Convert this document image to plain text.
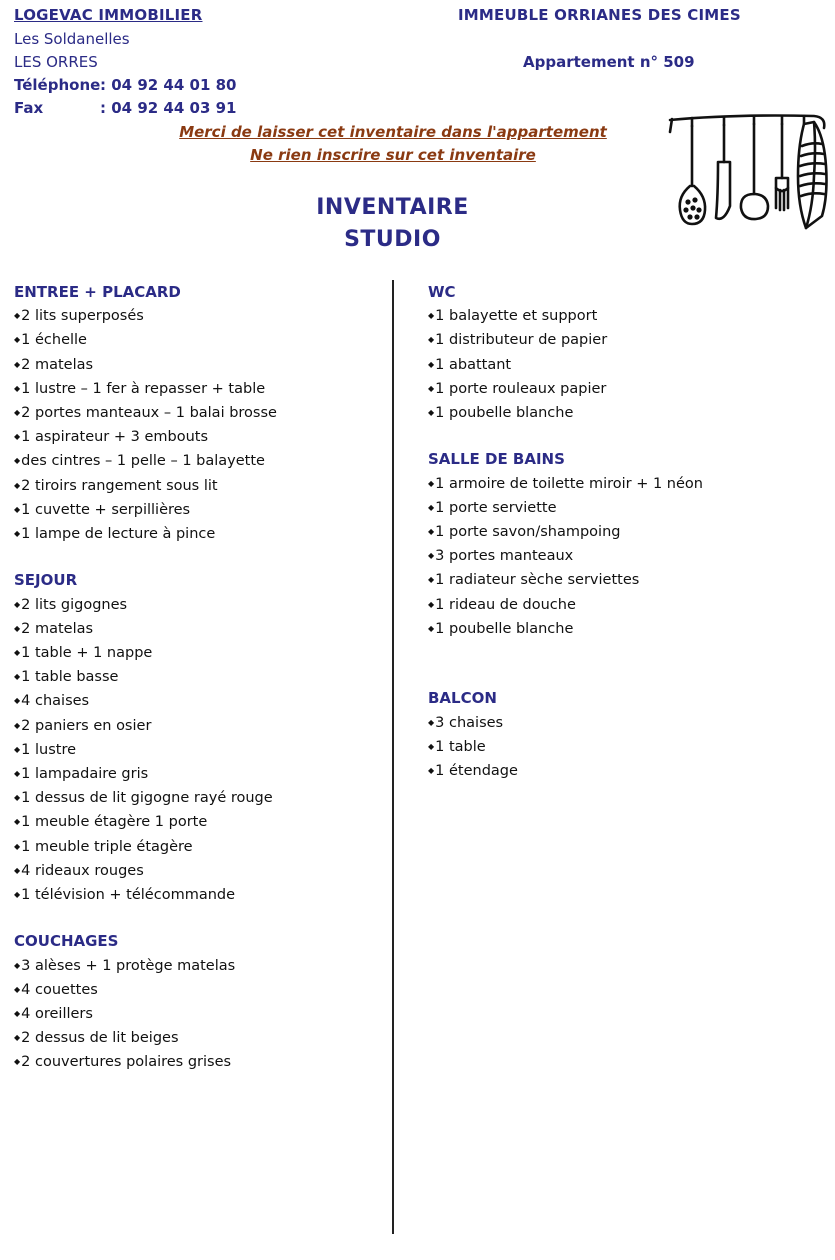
LOGEVAC IMMOBILIER
Les Soldanelles
LES ORRES
Téléphone: 04 92 44 01 80
Fax	: 04 92 44 03 91
IMMEUBLE ORRIANES DES CIMES
Appartement n° 509
Merci de laisser cet inventaire dans l'appartement
Ne rien inscrire sur cet inventaire
INVENTAIRE
STUDIO
ENTREE + PLACARD
◆ 2 lits superposés
◆ 1 échelle
◆ 2 matelas
◆ 1 lustre – 1 fer à repasser + table
◆ 2 portes manteaux – 1 balai brosse
◆ 1 aspirateur + 3 embouts
◆ des cintres – 1 pelle – 1 balayette
◆ 2 tiroirs rangement sous lit
◆ 1 cuvette + serpillières
◆ 1 lampe de lecture à pince
SEJOUR
◆ 2 lits gigognes
◆ 2 matelas
◆ 1 table + 1 nappe
◆ 1 table basse
◆ 4 chaises
◆ 2 paniers en osier
◆ 1 lustre
◆ 1 lampadaire gris
◆ 1 dessus de lit gigogne rayé rouge
◆ 1 meuble étagère 1 porte
◆ 1 meuble triple étagère
◆ 4 rideaux rouges
◆ 1 télévision + télécommande
COUCHAGES
◆ 3 alèses + 1 protège matelas
◆ 4 couettes
◆ 4 oreillers
◆ 2 dessus de lit beiges
◆ 2 couvertures polaires grises
WC
◆ 1 balayette et support
◆ 1 distributeur de papier
◆ 1 abattant
◆ 1 porte rouleaux papier
◆ 1 poubelle blanche
SALLE DE BAINS
◆ 1 armoire de toilette miroir + 1 néon
◆ 1 porte serviette
◆ 1 porte savon/shampoing
◆ 3 portes manteaux
◆ 1 radiateur sèche serviettes
◆ 1 rideau de douche
◆ 1 poubelle blanche
BALCON
◆ 3 chaises
◆ 1 table
◆ 1 étendage
